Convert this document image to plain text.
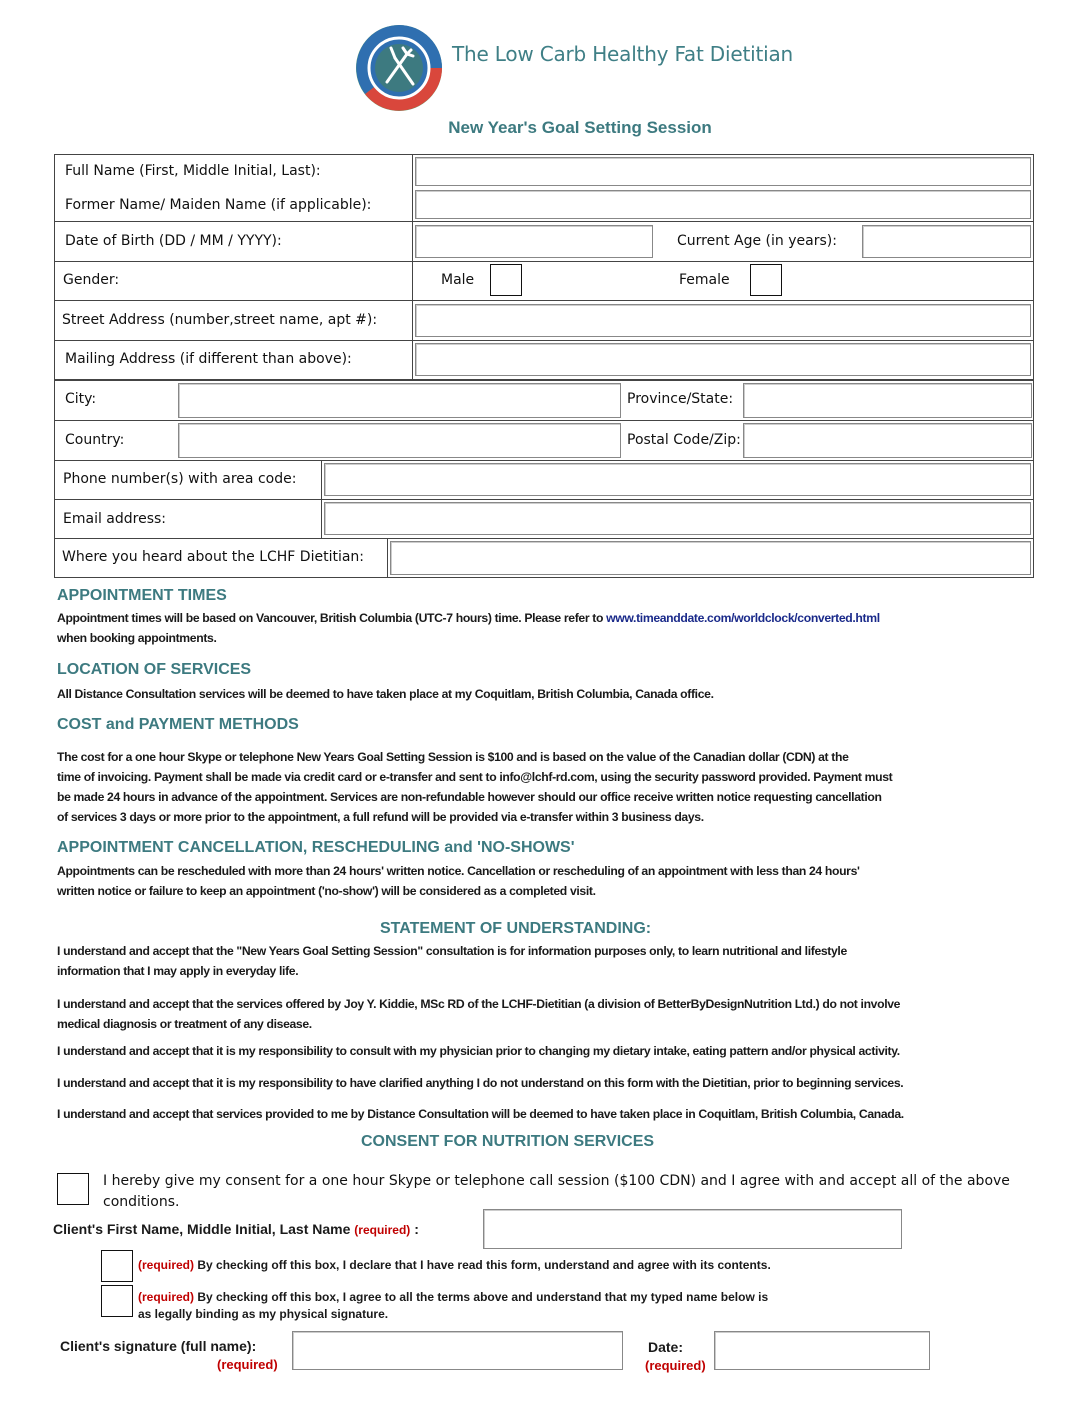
The Low Carb Healthy Fat Dietitian
New Year's Goal Setting Session
Full Name (First, Middle Initial, Last):
Former Name/ Maiden Name (if applicable):
Date of Birth (DD / MM / YYYY):	Current Age (in years):
Gender:	Male	Female
Street Address (number,street name, apt #):
Mailing Address (if different than above):
City:	Province/State:
Country:	Postal Code/Zip:
Phone number(s) with area code:
Email address:
Where you heard about the LCHF Dietitian:
APPOINTMENT TIMES
Appointment times will be based on Vancouver, British Columbia (UTC-7 hours) time. Please refer to www.timeanddate.com/worldclock/converted.html
when booking appointments.
LOCATION OF SERVICES
All Distance Consultation services will be deemed to have taken place at my Coquitlam, British Columbia, Canada office.
COST and PAYMENT METHODS
The cost for a one hour Skype or telephone New Years Goal Setting Session is $100 and is based on the value of the Canadian dollar (CDN) at the
time of invoicing. Payment shall be made via credit card or e-transfer and sent to info@lchf-rd.com, using the security password provided. Payment must
be made 24 hours in advance of the appointment. Services are non-refundable however should our office receive written notice requesting cancellation
of services 3 days or more prior to the appointment, a full refund will be provided via e-transfer within 3 business days.
APPOINTMENT CANCELLATION, RESCHEDULING and 'NO-SHOWS'
Appointments can be rescheduled with more than 24 hours' written notice. Cancellation or rescheduling of an appointment with less than 24 hours'
written notice or failure to keep an appointment ('no-show') will be considered as a completed visit.
STATEMENT OF UNDERSTANDING:
I understand and accept that the "New Years Goal Setting Session" consultation is for information purposes only, to learn nutritional and lifestyle
information that I may apply in everyday life.
I understand and accept that the services offered by Joy Y. Kiddie, MSc RD of the LCHF-Dietitian (a division of BetterByDesignNutrition Ltd.) do not involve
medical diagnosis or treatment of any disease.
I understand and accept that it is my responsibility to consult with my physician prior to changing my dietary intake, eating pattern and/or physical activity.
I understand and accept that it is my responsibility to have clarified anything I do not understand on this form with the Dietitian, prior to beginning services.
I understand and accept that services provided to me by Distance Consultation will be deemed to have taken place in Coquitlam, British Columbia, Canada.
CONSENT FOR NUTRITION SERVICES
I hereby give my consent for a one hour Skype or telephone call session ($100 CDN) and I agree with and accept all of the above
conditions.
Client's First Name, Middle Initial, Last Name (required) :
(required) By checking off this box, I declare that I have read this form, understand and agree with its contents.
(required) By checking off this box, I agree to all the terms above and understand that my typed name below is
as legally binding as my physical signature.
Client's signature (full name):
(required)
Date:
(required)
